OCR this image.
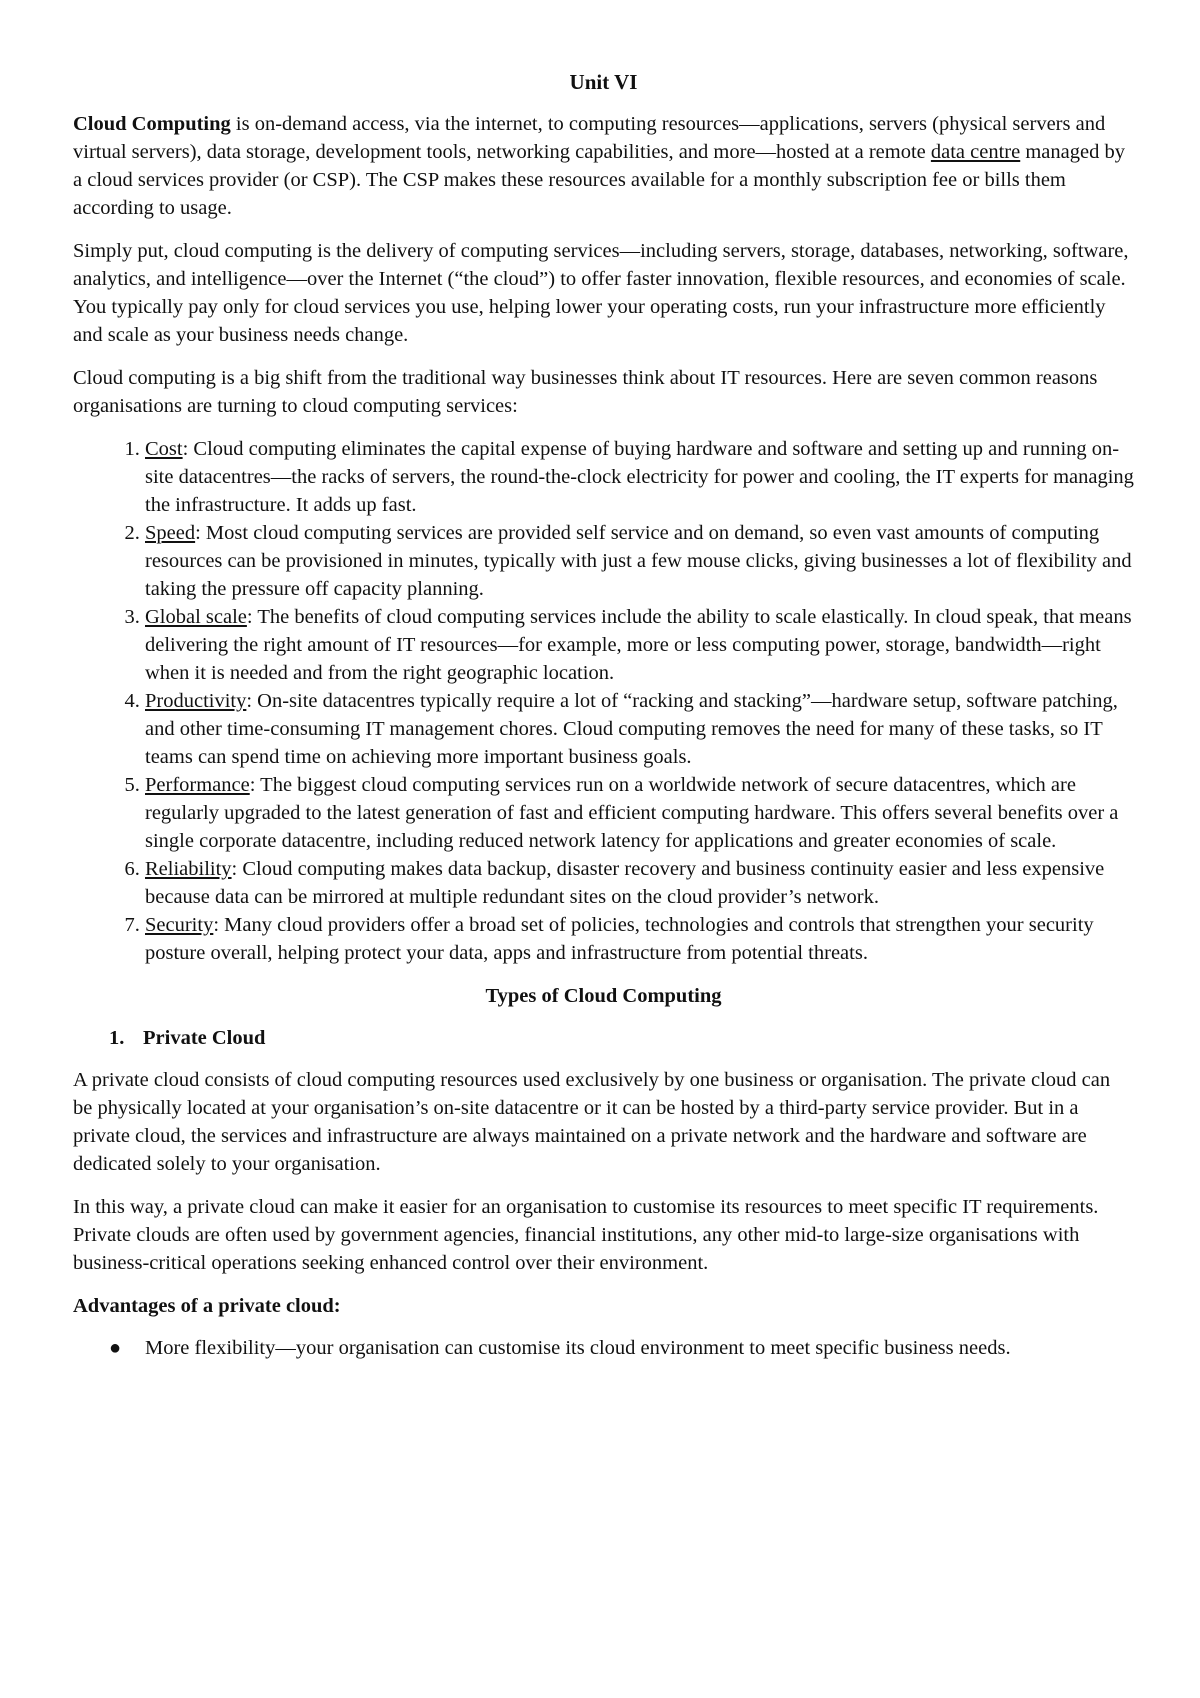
Unit VI

Cloud Computing is on-demand access, via the internet, to computing resources—applications, servers (physical servers and virtual servers), data storage, development tools, networking capabilities, and more—hosted at a remote data centre managed by a cloud services provider (or CSP). The CSP makes these resources available for a monthly subscription fee or bills them according to usage.

Simply put, cloud computing is the delivery of computing services—including servers, storage, databases, networking, software, analytics, and intelligence—over the Internet (“the cloud”) to offer faster innovation, flexible resources, and economies of scale. You typically pay only for cloud services you use, helping lower your operating costs, run your infrastructure more efficiently and scale as your business needs change.

Cloud computing is a big shift from the traditional way businesses think about IT resources. Here are seven common reasons organisations are turning to cloud computing services:

1. Cost: Cloud computing eliminates the capital expense of buying hardware and software and setting up and running on-site datacentres—the racks of servers, the round-the-clock electricity for power and cooling, the IT experts for managing the infrastructure. It adds up fast.
2. Speed: Most cloud computing services are provided self service and on demand, so even vast amounts of computing resources can be provisioned in minutes, typically with just a few mouse clicks, giving businesses a lot of flexibility and taking the pressure off capacity planning.
3. Global scale: The benefits of cloud computing services include the ability to scale elastically. In cloud speak, that means delivering the right amount of IT resources—for example, more or less computing power, storage, bandwidth—right when it is needed and from the right geographic location.
4. Productivity: On-site datacentres typically require a lot of “racking and stacking”—hardware setup, software patching, and other time-consuming IT management chores. Cloud computing removes the need for many of these tasks, so IT teams can spend time on achieving more important business goals.
5. Performance: The biggest cloud computing services run on a worldwide network of secure datacentres, which are regularly upgraded to the latest generation of fast and efficient computing hardware. This offers several benefits over a single corporate datacentre, including reduced network latency for applications and greater economies of scale.
6. Reliability: Cloud computing makes data backup, disaster recovery and business continuity easier and less expensive because data can be mirrored at multiple redundant sites on the cloud provider’s network.
7. Security: Many cloud providers offer a broad set of policies, technologies and controls that strengthen your security posture overall, helping protect your data, apps and infrastructure from potential threats.
Types of Cloud Computing
1. Private Cloud

A private cloud consists of cloud computing resources used exclusively by one business or organisation. The private cloud can be physically located at your organisation’s on-site datacentre or it can be hosted by a third-party service provider. But in a private cloud, the services and infrastructure are always maintained on a private network and the hardware and software are dedicated solely to your organisation.

In this way, a private cloud can make it easier for an organisation to customise its resources to meet specific IT requirements. Private clouds are often used by government agencies, financial institutions, any other mid-to large-size organisations with business-critical operations seeking enhanced control over their environment.

Advantages of a private cloud:
● More flexibility—your organisation can customise its cloud environment to meet specific business needs.
